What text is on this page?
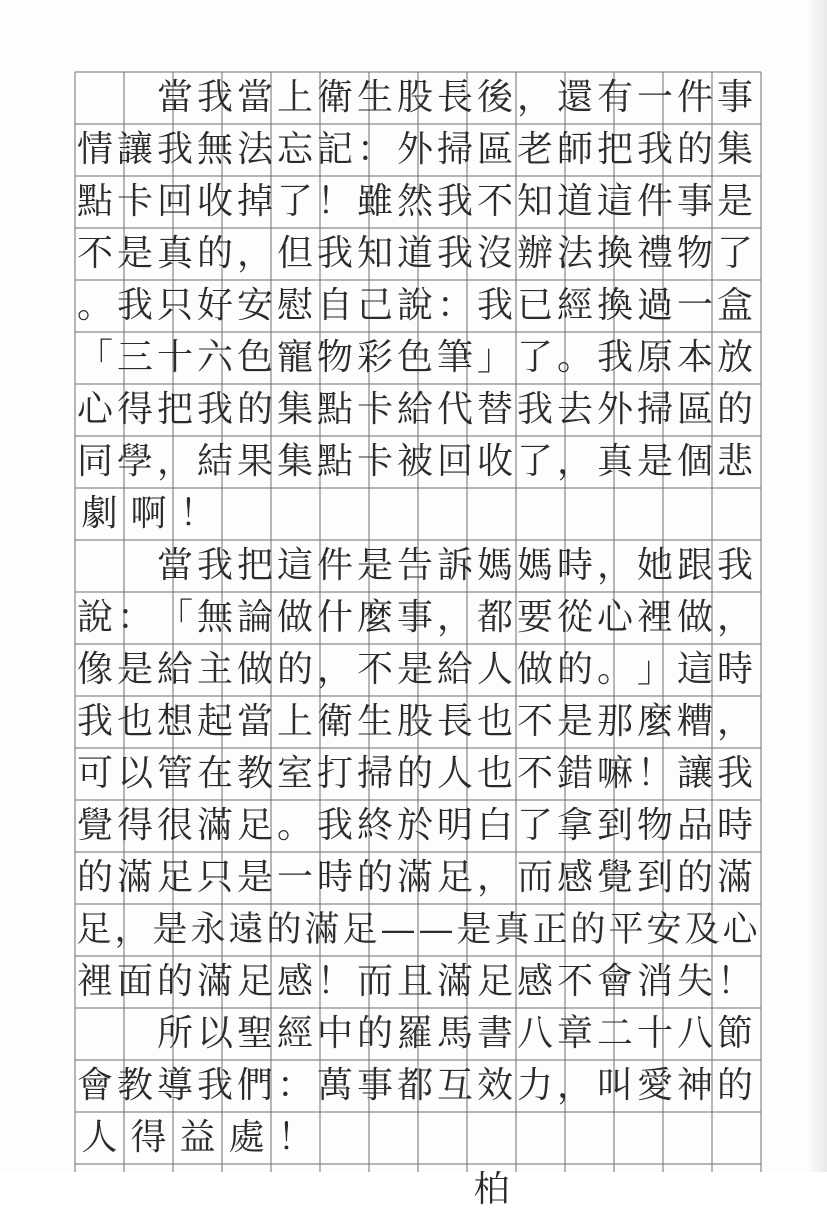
當 我 當 上 衛 生 股 長 後 ， 還 有 一 件 事
情 讓 我 無 法 忘 記 ： 外 掃 區 老 師 把 我 的 集
點 卡 回 收 掉 了 ！ 雖 然 我 不 知 道 這 件 事 是
不 是 真 的 ， 但 我 知 道 我 沒 辦 法 換 禮 物 了
。 我 只 好 安 慰 自 己 說 ： 我 已 經 換 過 一 盒
「 三 十 六 色 寵 物 彩 色 筆 」 了 。 我 原 本 放
心 得 把 我 的 集 點 卡 給 代 替 我 去 外 掃 區 的
同 學 ， 結 果 集 點 卡 被 回 收 了 ， 真 是 個 悲
劇 啊 ！

當 我 把 這 件 是 告 訴 媽 媽 時 ， 她 跟 我
說 ： 「 無 論 做 什 麼 事 ， 都 要 從 心 裡 做 ，
像 是 給 主 做 的 ， 不 是 給 人 做 的 。 」 這 時
我 也 想 起 當 上 衛 生 股 長 也 不 是 那 麼 糟 ，
可 以 管 在 教 室 打 掃 的 人 也 不 錯 嘛 ！ 讓 我
覺 得 很 滿 足 。 我 終 於 明 白 了 拿 到 物 品 時
的 滿 足 只 是 一 時 的 滿 足 ， 而 感 覺 到 的 滿
足 ， 是 永 遠 的 滿 足 — — 是 真 正 的 平 安 及 心
裡 面 的 滿 足 感 ！ 而 且 滿 足 感 不 會 消 失 ！

所 以 聖 經 中 的 羅 馬 書 八 章 二 十 八 節
會 教 導 我 們 ： 萬 事 都 互 效 力 ， 叫 愛 神 的
人 得 益 處 ！

柏
